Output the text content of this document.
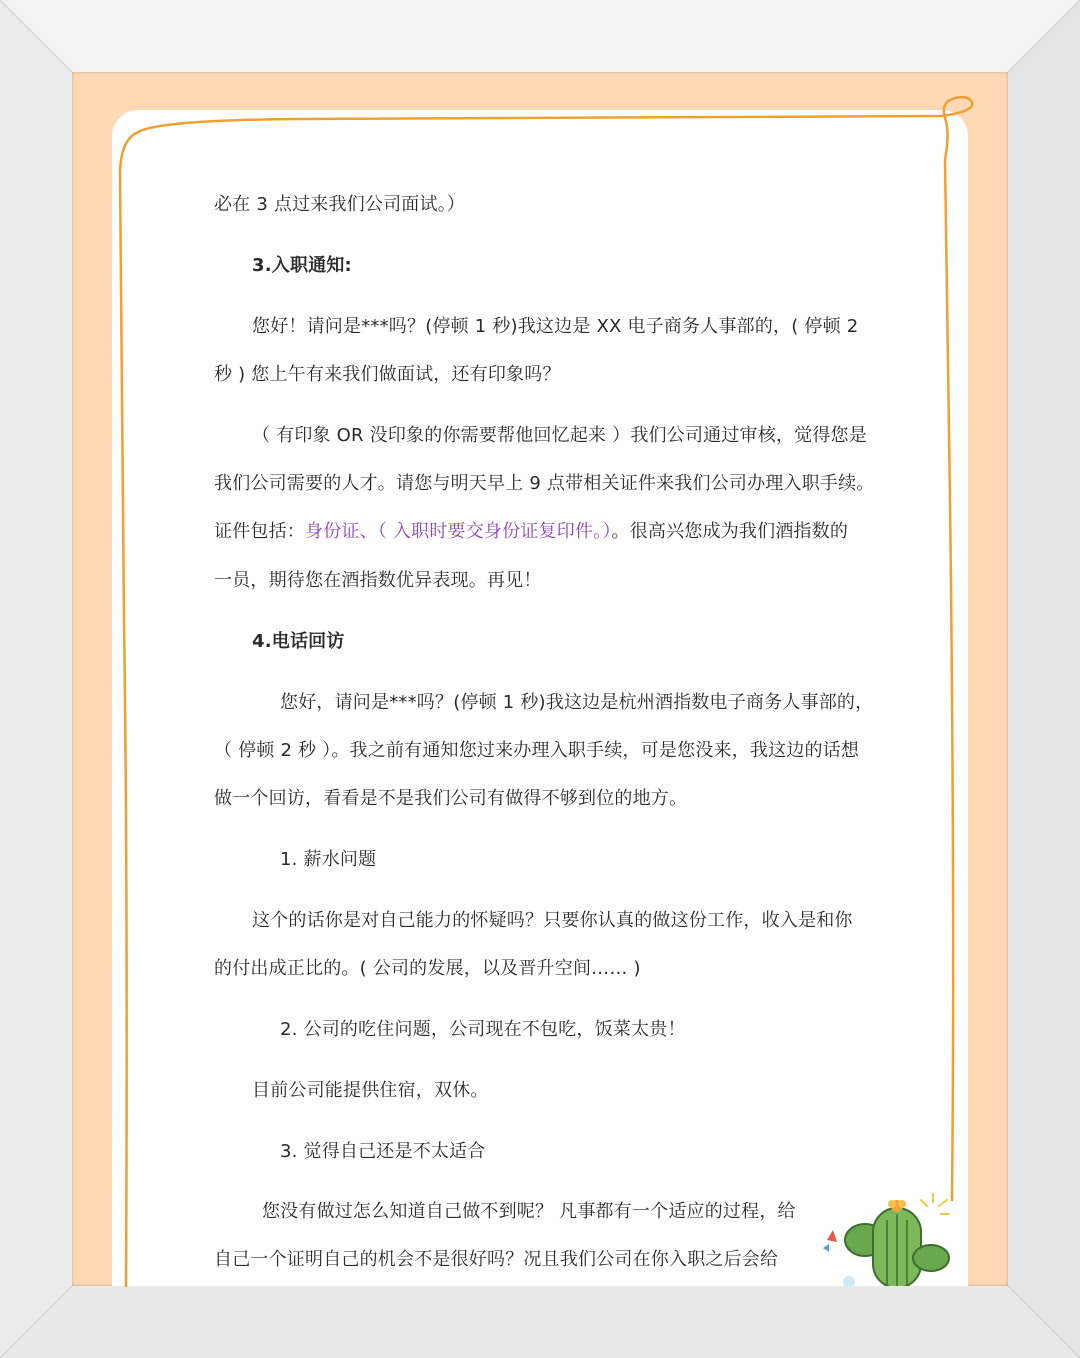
必在 3 点过来我们公司面试。）

3.入职通知:

您好！请问是***吗？(停顿 1 秒)我这边是 XX 电子商务人事部的，( 停顿 2

秒 ) 您上午有来我们做面试，还有印象吗？

（ 有印象 OR 没印象的你需要帮他回忆起来 ）我们公司通过审核，觉得您是

我们公司需要的人才。请您与明天早上 9 点带相关证件来我们公司办理入职手续。

证件包括：身份证、（ 入职时要交身份证复印件。）。很高兴您成为我们酒指数的

一员，期待您在酒指数优异表现。再见！

4.电话回访

您好，请问是***吗？(停顿 1 秒)我这边是杭州酒指数电子商务人事部的，

（ 停顿 2 秒 ）。我之前有通知您过来办理入职手续，可是您没来，我这边的话想

做一个回访，看看是不是我们公司有做得不够到位的地方。

1. 薪水问题

这个的话你是对自己能力的怀疑吗？只要你认真的做这份工作，收入是和你

的付出成正比的。( 公司的发展，以及晋升空间…… )

2. 公司的吃住问题，公司现在不包吃，饭菜太贵！

目前公司能提供住宿，双休。

3. 觉得自己还是不太适合

您没有做过怎么知道自己做不到呢？ 凡事都有一个适应的过程，给

自己一个证明自己的机会不是很好吗？况且我们公司在你入职之后会给
